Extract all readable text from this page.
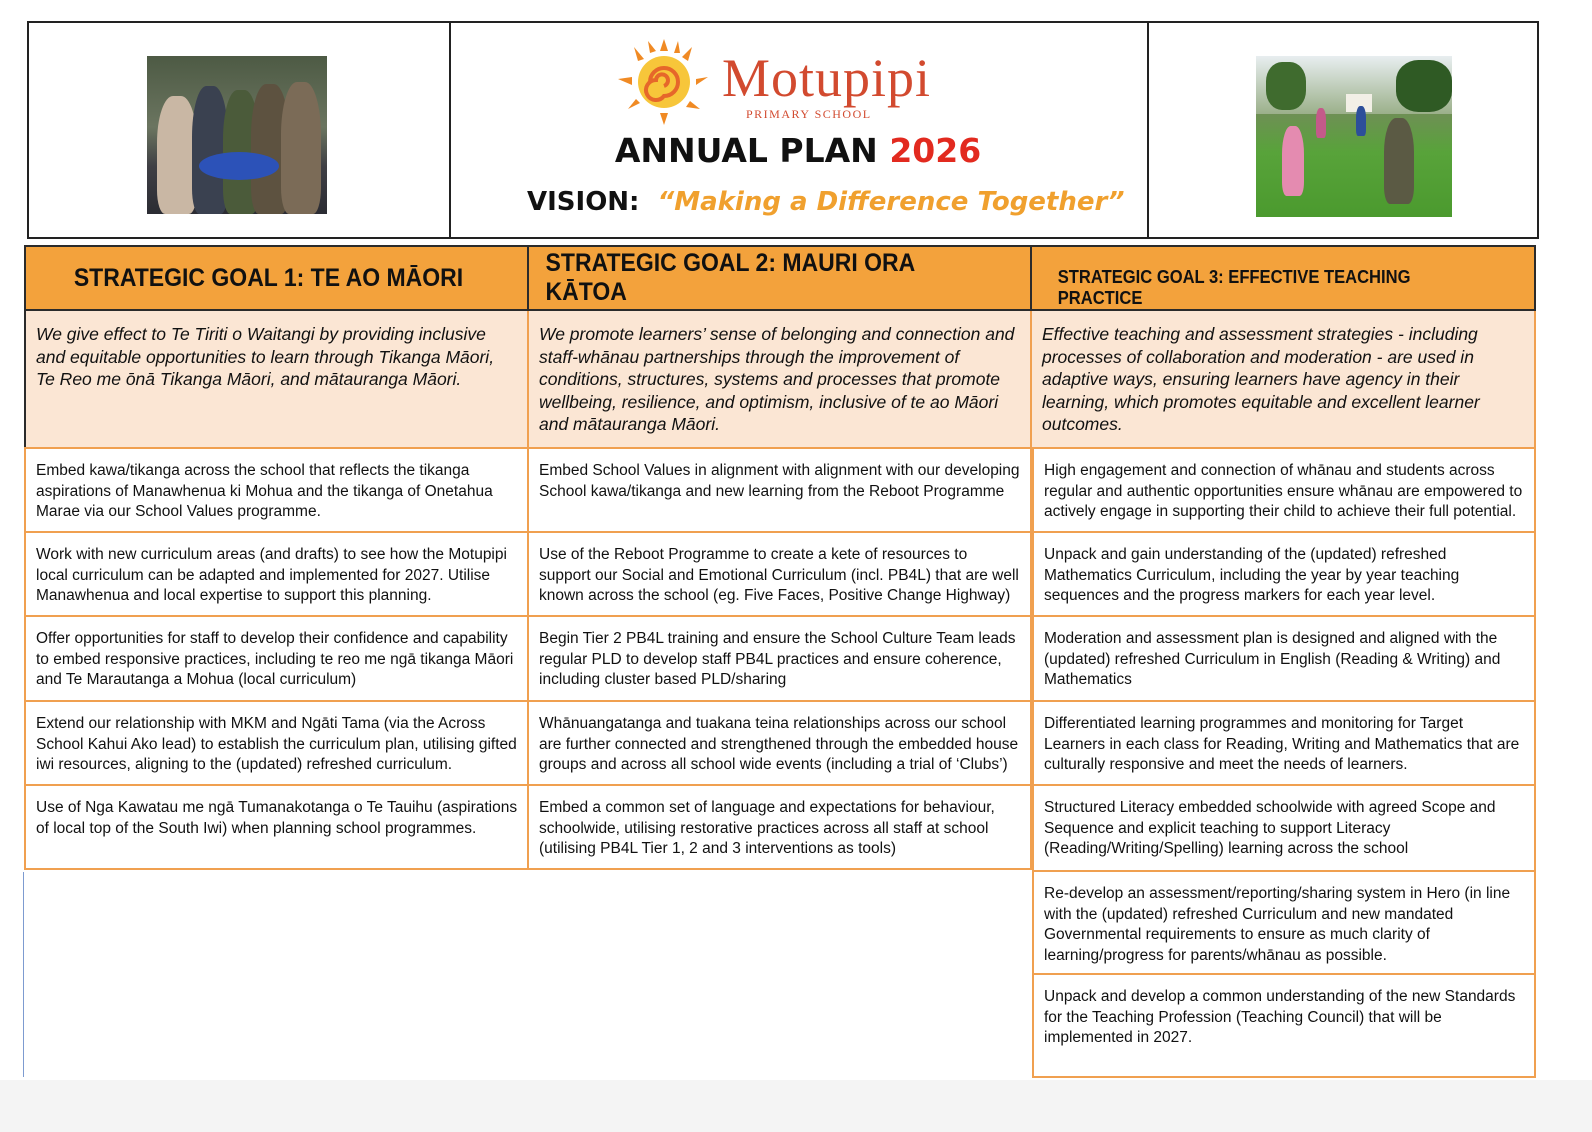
Motupipi
PRIMARY SCHOOL
ANNUAL PLAN 2026
VISION: “Making a Difference Together”
STRATEGIC GOAL 1: TE AO MĀORI
We give effect to Te Tiriti o Waitangi by providing inclusive and equitable opportunities to learn through Tikanga Māori, Te Reo me ōnā Tikanga Māori, and mātauranga Māori.
Embed kawa/tikanga across the school that reflects the tikanga aspirations of Manawhenua ki Mohua and the tikanga of Onetahua Marae via our School Values programme.
Work with new curriculum areas (and drafts) to see how the Motupipi local curriculum can be adapted and implemented for 2027. Utilise Manawhenua and local expertise to support this planning.
Offer opportunities for staff to develop their confidence and capability to embed responsive practices, including te reo me ngā tikanga Māori and Te Marautanga a Mohua (local curriculum)
Extend our relationship with MKM and Ngāti Tama (via the Across School Kahui Ako lead) to establish the curriculum plan, utilising gifted iwi resources, aligning to the (updated) refreshed curriculum.
Use of Nga Kawatau me ngā Tumanakotanga o Te Tauihu (aspirations of local top of the South Iwi) when planning school programmes.
STRATEGIC GOAL 2: MAURI ORA KĀTOA
We promote learners’ sense of belonging and connection and staff-whānau partnerships through the improvement of conditions, structures, systems and processes that promote wellbeing, resilience, and optimism, inclusive of te ao Māori and mātauranga Māori.
Embed School Values in alignment with alignment with our developing School kawa/tikanga and new learning from the Reboot Programme
Use of the Reboot Programme to create a kete of resources to support our Social and Emotional Curriculum (incl. PB4L) that are well known across the school (eg. Five Faces, Positive Change Highway)
Begin Tier 2 PB4L training and ensure the School Culture Team leads regular PLD to develop staff PB4L practices and ensure coherence, including cluster based PLD/sharing
Whānuangatanga and tuakana teina relationships across our school are further connected and strengthened through the embedded house groups and across all school wide events (including a trial of ‘Clubs’)
Embed a common set of language and expectations for behaviour, schoolwide, utilising restorative practices across all staff at school (utilising PB4L Tier 1, 2 and 3 interventions as tools)
STRATEGIC GOAL 3: EFFECTIVE TEACHING PRACTICE
Effective teaching and assessment strategies - including processes of collaboration and moderation - are used in adaptive ways, ensuring learners have agency in their learning, which promotes equitable and excellent learner outcomes.
High engagement and connection of whānau and students across regular and authentic opportunities ensure whānau are empowered to actively engage in supporting their child to achieve their full potential.
Unpack and gain understanding of the (updated) refreshed Mathematics Curriculum, including the year by year teaching sequences and the progress markers for each year level.
Moderation and assessment plan is designed and aligned with the (updated) refreshed Curriculum in English (Reading & Writing) and Mathematics
Differentiated learning programmes and monitoring for Target Learners in each class for Reading, Writing and Mathematics that are culturally responsive and meet the needs of learners.
Structured Literacy embedded schoolwide with agreed Scope and Sequence and explicit teaching to support Literacy (Reading/Writing/Spelling) learning across the school
Re-develop an assessment/reporting/sharing system in Hero (in line with the (updated) refreshed Curriculum and new mandated Governmental requirements to ensure as much clarity of learning/progress for parents/whānau as possible.
Unpack and develop a common understanding of the new Standards for the Teaching Profession (Teaching Council) that will be implemented in 2027.
